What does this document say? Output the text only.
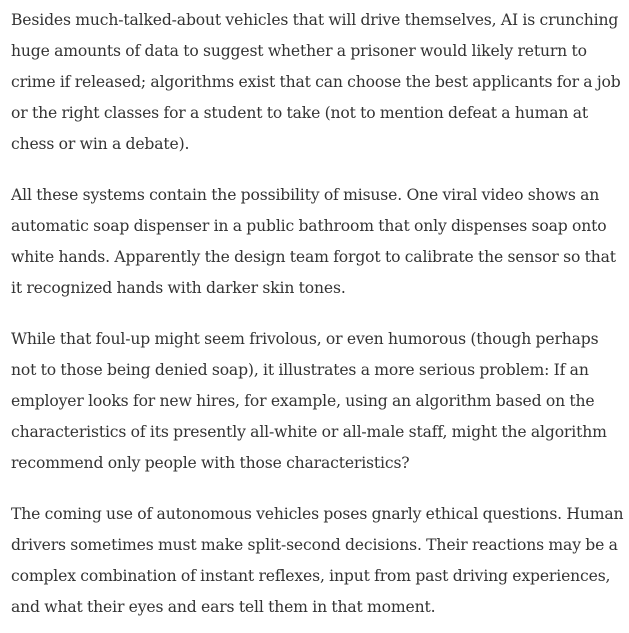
Besides much-talked-about vehicles that will drive themselves, AI is crunching huge amounts of data to suggest whether a prisoner would likely return to crime if released; algorithms exist that can choose the best applicants for a job or the right classes for a student to take (not to mention defeat a human at chess or win a debate).

All these systems contain the possibility of misuse. One viral video shows an automatic soap dispenser in a public bathroom that only dispenses soap onto white hands. Apparently the design team forgot to calibrate the sensor so that it recognized hands with darker skin tones.

While that foul-up might seem frivolous, or even humorous (though perhaps not to those being denied soap), it illustrates a more serious problem: If an employer looks for new hires, for example, using an algorithm based on the characteristics of its presently all-white or all-male staff, might the algorithm recommend only people with those characteristics?

The coming use of autonomous vehicles poses gnarly ethical questions. Human drivers sometimes must make split-second decisions. Their reactions may be a complex combination of instant reflexes, input from past driving experiences, and what their eyes and ears tell them in that moment.
